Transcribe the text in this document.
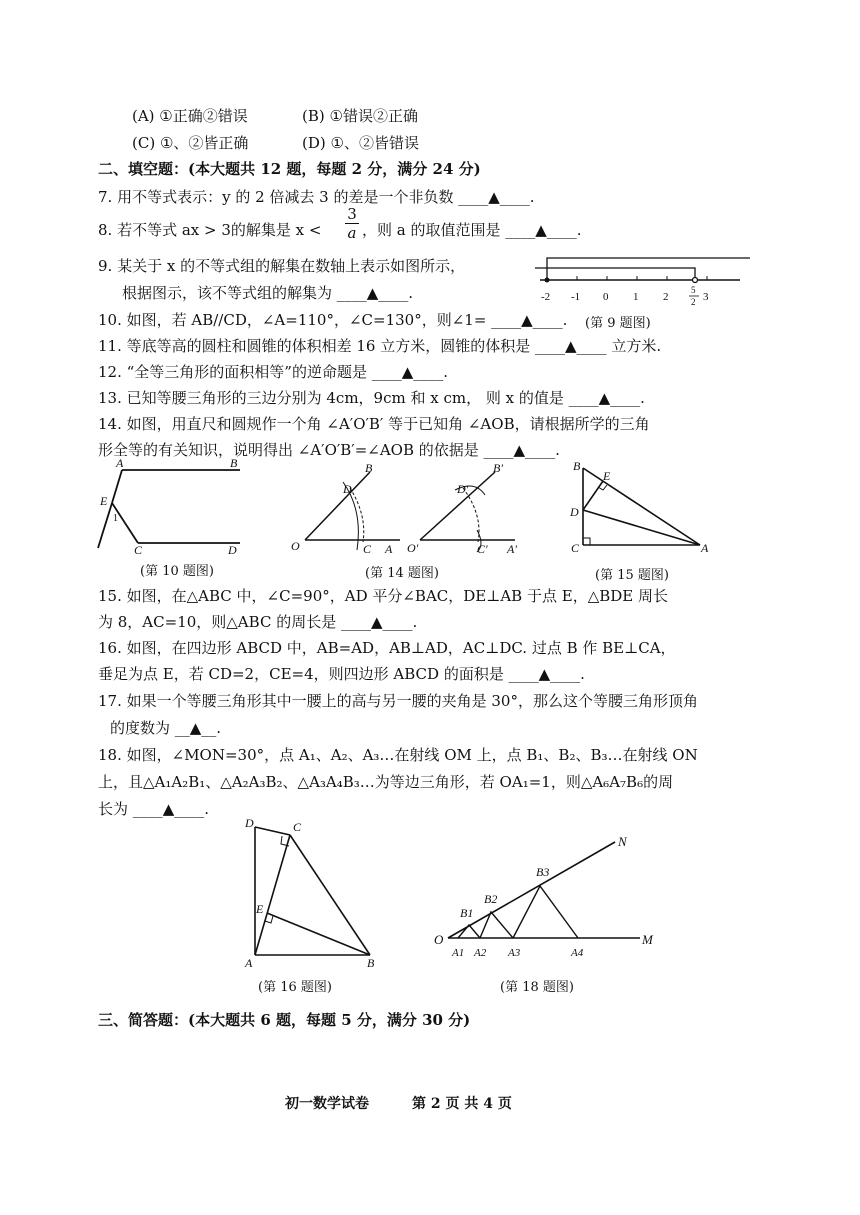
(A) ①正确②错误	(B) ①错误②正确
(C) ①、②皆正确	(D) ①、②皆错误
二、填空题：(本大题共 12 题，每题 2 分，满分 24 分)
7. 用不等式表示：y 的 2 倍减去 3 的差是一个非负数 ____▲____.
8. 若不等式 ax > 3的解集是 $x < \frac{3}{a}$ ，则 a 的取值范围是 ____▲____.
9. 某关于 x 的不等式组的解集在数轴上表示如图所示，
根据图示，该不等式组的解集为 ____▲____.	-2 -1 0 1 2
5
2 3
10. 如图，若 AB//CD，∠A=110°，∠C=130°，则∠1= ____▲____. (第 9 题图)
11. 等底等高的圆柱和圆锥的体积相差 16 立方米，圆锥的体积是 ____▲____ 立方米.
12. “全等三角形的面积相等”的逆命题是 ____▲____.
13. 已知等腰三角形的三边分别为 4cm，9cm 和 x cm， 则 x 的值是 ____▲____.
14. 如图，用直尺和圆规作一个角 ∠A′O′B′ 等于已知角 ∠AOB，请根据所学的三角
形全等的有关知识，说明得出 ∠A′O′B′=∠AOB 的依据是 ____▲____.
A	B
E
1
C	D
(第 10 题图)
B
D
O	C A
B′
D′
O′	C′ A′
(第 14 题图)
B
E
D
C	A
(第 15 题图)
15. 如图，在△ABC 中，∠C=90°，AD 平分∠BAC，DE⊥AB 于点 E，△BDE 周长
为 8，AC=10，则△ABC 的周长是 ____▲____.
16. 如图，在四边形 ABCD 中，AB=AD，AB⊥AD，AC⊥DC. 过点 B 作 BE⊥CA，
垂足为点 E，若 CD=2，CE=4，则四边形 ABCD 的面积是 ____▲____.
17. 如果一个等腰三角形其中一腰上的高与另一腰的夹角是 30°，那么这个等腰三角形顶角
的度数为 __▲__.
18. 如图，∠MON=30°，点 A₁、A₂、A₃…在射线 OM 上，点 B₁、B₂、B₃…在射线 ON
上，且△A₁A₂B₁、△A₂A₃B₂、△A₃A₄B₃…为等边三角形，若 OA₁=1，则△A₆A₇B₆的周
长为 ____▲____.
D	C
E
A	B
(第 16 题图)
N
B3
B2
B1
O
A1 A2 A3	A4
M
(第 18 题图)
三、简答题：(本大题共 6 题，每题 5 分，满分 30 分)
初一数学试卷	第 2 页 共 4 页
